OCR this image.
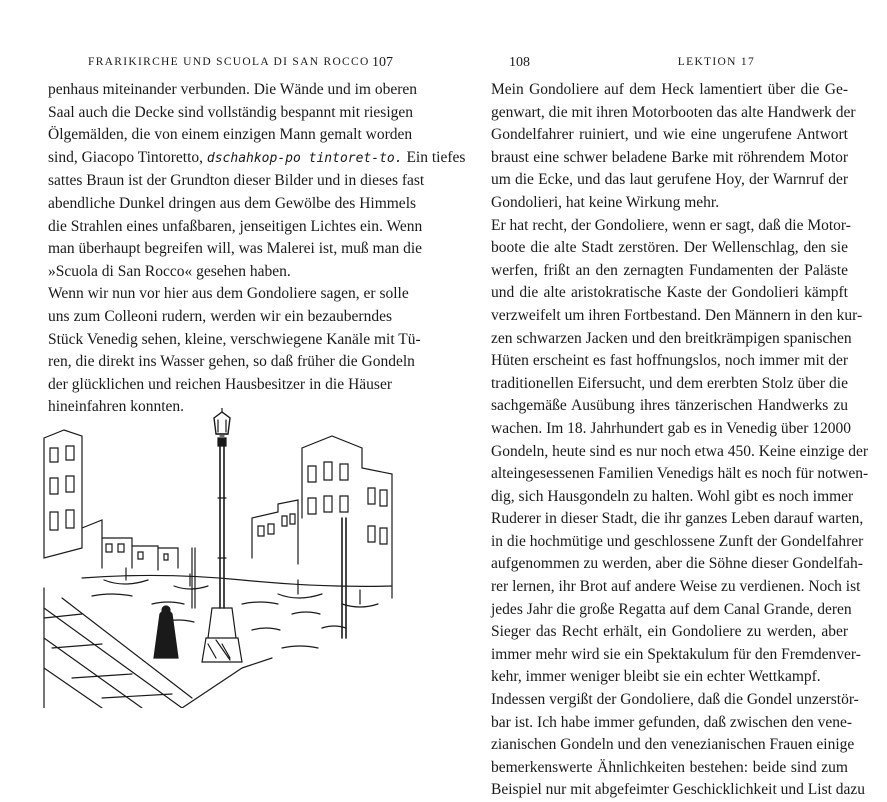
FRARIKIRCHE UND SCUOLA DI SAN ROCCO 107
penhaus miteinander verbunden. Die Wände und im oberen
Saal auch die Decke sind vollständig bespannt mit riesigen
Ölgemälden, die von einem einzigen Mann gemalt worden
sind, Giacopo Tintoretto, dschahkop-po tintoret-to. Ein tiefes
sattes Braun ist der Grundton dieser Bilder und in dieses fast
abendliche Dunkel dringen aus dem Gewölbe des Himmels
die Strahlen eines unfaßbaren, jenseitigen Lichtes ein. Wenn
man überhaupt begreifen will, was Malerei ist, muß man die
»Scuola di San Rocco« gesehen haben.
Wenn wir nun vor hier aus dem Gondoliere sagen, er solle
uns zum Colleoni rudern, werden wir ein bezauberndes
Stück Venedig sehen, kleine, verschwiegene Kanäle mit Tü-
ren, die direkt ins Wasser gehen, so daß früher die Gondeln
der glücklichen und reichen Hausbesitzer in die Häuser
hineinfahren konnten.
108	LEKTION 17
Mein Gondoliere auf dem Heck lamentiert über die Ge-
genwart, die mit ihren Motorbooten das alte Handwerk der
Gondelfahrer ruiniert, und wie eine ungerufene Antwort
braust eine schwer beladene Barke mit röhrendem Motor
um die Ecke, und das laut gerufene Hoy, der Warnruf der
Gondolieri, hat keine Wirkung mehr.
Er hat recht, der Gondoliere, wenn er sagt, daß die Motor-
boote die alte Stadt zerstören. Der Wellenschlag, den sie
werfen, frißt an den zernagten Fundamenten der Paläste
und die alte aristokratische Kaste der Gondolieri kämpft
verzweifelt um ihren Fortbestand. Den Männern in den kur-
zen schwarzen Jacken und den breitkrämpigen spanischen
Hüten erscheint es fast hoffnungslos, noch immer mit der
traditionellen Eifersucht, und dem ererbten Stolz über die
sachgemäße Ausübung ihres tänzerischen Handwerks zu
wachen. Im 18. Jahrhundert gab es in Venedig über 12000
Gondeln, heute sind es nur noch etwa 450. Keine einzige der
alteingesessenen Familien Venedigs hält es noch für notwen-
dig, sich Hausgondeln zu halten. Wohl gibt es noch immer
Ruderer in dieser Stadt, die ihr ganzes Leben darauf warten,
in die hochmütige und geschlossene Zunft der Gondelfahrer
aufgenommen zu werden, aber die Söhne dieser Gondelfah-
rer lernen, ihr Brot auf andere Weise zu verdienen. Noch ist
jedes Jahr die große Regatta auf dem Canal Grande, deren
Sieger das Recht erhält, ein Gondoliere zu werden, aber
immer mehr wird sie ein Spektakulum für den Fremdenver-
kehr, immer weniger bleibt sie ein echter Wettkampf.
Indessen vergißt der Gondoliere, daß die Gondel unzerstör-
bar ist. Ich habe immer gefunden, daß zwischen den vene-
zianischen Gondeln und den venezianischen Frauen einige
bemerkenswerte Ähnlichkeiten bestehen: beide sind zum
Beispiel nur mit abgefeimter Geschicklichkeit und List dazu
